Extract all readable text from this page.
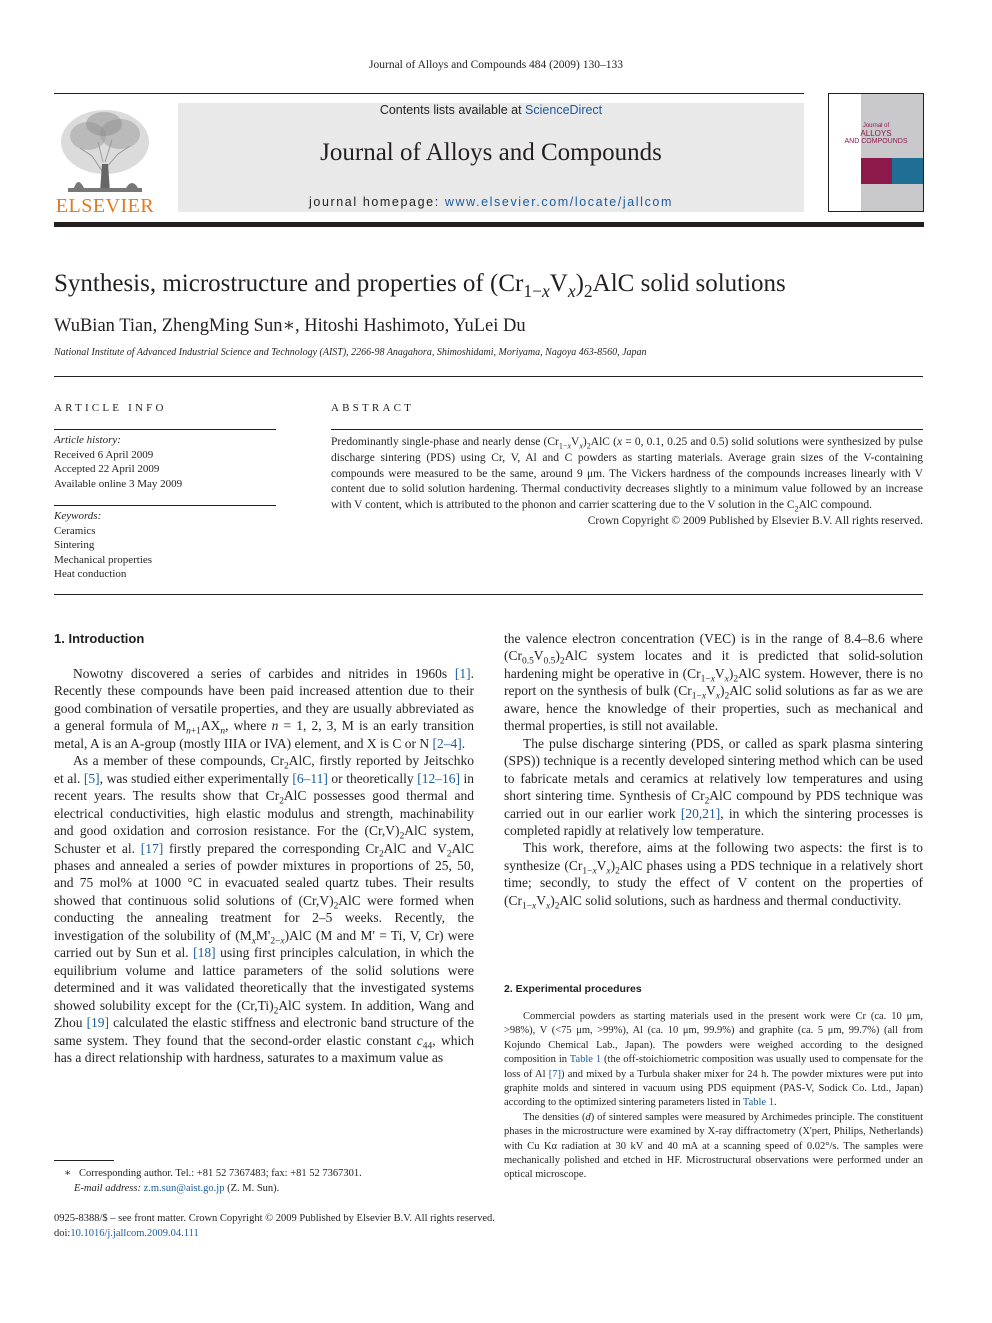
Journal of Alloys and Compounds 484 (2009) 130–133
ELSEVIER
Contents lists available at ScienceDirect
Journal of Alloys and Compounds
journal homepage: www.elsevier.com/locate/jallcom
Journal of
ALLOYS
AND COMPOUNDS
Synthesis, microstructure and properties of $(Cr_{1-x}V_x)_2AlC$ solid solutions
WuBian Tian, ZhengMing Sun∗, Hitoshi Hashimoto, YuLei Du
National Institute of Advanced Industrial Science and Technology (AIST), 2266-98 Anagahora, Shimoshidami, Moriyama, Nagoya 463-8560, Japan
ARTICLE INFO
Article history:
Received 6 April 2009
Accepted 22 April 2009
Available online 3 May 2009
Keywords:
Ceramics
Sintering
Mechanical properties
Heat conduction
ABSTRACT
Predominantly single-phase and nearly dense $(Cr_{1-x}V_x)_2AlC$ (x = 0, 0.1, 0.25 and 0.5) solid solutions were synthesized by pulse discharge sintering (PDS) using Cr, V, Al and C powders as starting materials. Average grain sizes of the V-containing compounds were measured to be the same, around 9 μm. The Vickers hardness of the compounds increases linearly with V content due to solid solution hardening. Thermal conductivity decreases slightly to a minimum value followed by an increase with V content, which is attributed to the phonon and carrier scattering due to the V solution in the $C_2AlC$ compound.
Crown Copyright © 2009 Published by Elsevier B.V. All rights reserved.
1. Introduction

Nowotny discovered a series of carbides and nitrides in 1960s [1]. Recently these compounds have been paid increased attention due to their good combination of versatile properties, and they are usually abbreviated as a general formula of $M_{n+1}AX_n$, where n = 1, 2, 3, M is an early transition metal, A is an A-group (mostly IIIA or IVA) element, and X is C or N [2–4].

As a member of these compounds, $Cr_2AlC$, firstly reported by Jeitschko et al. [5], was studied either experimentally [6–11] or theoretically [12–16] in recent years. The results show that $Cr_2AlC$ possesses good thermal and electrical conductivities, high elastic modulus and strength, machinability and good oxidation and corrosion resistance. For the $(Cr,V)_2AlC$ system, Schuster et al. [17] firstly prepared the corresponding $Cr_2AlC$ and $V_2AlC$ phases and annealed a series of powder mixtures in proportions of 25, 50, and 75 mol% at 1000 °C in evacuated sealed quartz tubes. Their results showed that continuous solid solutions of $(Cr,V)_2AlC$ were formed when conducting the annealing treatment for 2–5 weeks. Recently, the investigation of the solubility of $(M_xM'_{2-x})AlC$ (M and M' = Ti, V, Cr) were carried out by Sun et al. [18] using first principles calculation, in which the equilibrium volume and lattice parameters of the solid solutions were determined and it was validated theoretically that the investigated systems showed solubility except for the $(Cr,Ti)_2AlC$ system. In addition, Wang and Zhou [19] calculated the elastic stiffness and electronic band structure of the same system. They found that the second-order elastic constant $c_{44}$, which has a direct relationship with hardness, saturates to a maximum value as

∗ Corresponding author. Tel.: +81 52 7367483; fax: +81 52 7367301.
E-mail address: z.m.sun@aist.go.jp (Z. M. Sun).
0925-8388/$ – see front matter. Crown Copyright © 2009 Published by Elsevier B.V. All rights reserved.
doi:10.1016/j.jallcom.2009.04.111

the valence electron concentration (VEC) is in the range of 8.4–8.6 where $(Cr_{0.5}V_{0.5})_2AlC$ system locates and it is predicted that solid-solution hardening might be operative in $(Cr_{1-x}V_x)_2AlC$ system. However, there is no report on the synthesis of bulk $(Cr_{1-x}V_x)_2AlC$ solid solutions as far as we are aware, hence the knowledge of their properties, such as mechanical and thermal properties, is still not available.

The pulse discharge sintering (PDS, or called as spark plasma sintering (SPS)) technique is a recently developed sintering method which can be used to fabricate metals and ceramics at relatively low temperatures and using short sintering time. Synthesis of $Cr_2AlC$ compound by PDS technique was carried out in our earlier work [20,21], in which the sintering processes is completed rapidly at relatively low temperature.

This work, therefore, aims at the following two aspects: the first is to synthesize $(Cr_{1-x}V_x)_2AlC$ phases using a PDS technique in a relatively short time; secondly, to study the effect of V content on the properties of $(Cr_{1-x}V_x)_2AlC$ solid solutions, such as hardness and thermal conductivity.

2. Experimental procedures

Commercial powders as starting materials used in the present work were Cr (ca. 10 μm, >98%), V (<75 μm, >99%), Al (ca. 10 μm, 99.9%) and graphite (ca. 5 μm, 99.7%) (all from Kojundo Chemical Lab., Japan). The powders were weighed according to the designed composition in Table 1 (the off-stoichiometric composition was usually used to compensate for the loss of Al [7]) and mixed by a Turbula shaker mixer for 24 h. The powder mixtures were put into graphite molds and sintered in vacuum using PDS equipment (PAS-V, Sodick Co. Ltd., Japan) according to the optimized sintering parameters listed in Table 1.

The densities (d) of sintered samples were measured by Archimedes principle. The constituent phases in the microstructure were examined by X-ray diffractometry (X'pert, Philips, Netherlands) with Cu Kα radiation at 30 kV and 40 mA at a scanning speed of 0.02°/s. The samples were mechanically polished and etched in HF. Microstructural observations were performed under an optical microscope.
